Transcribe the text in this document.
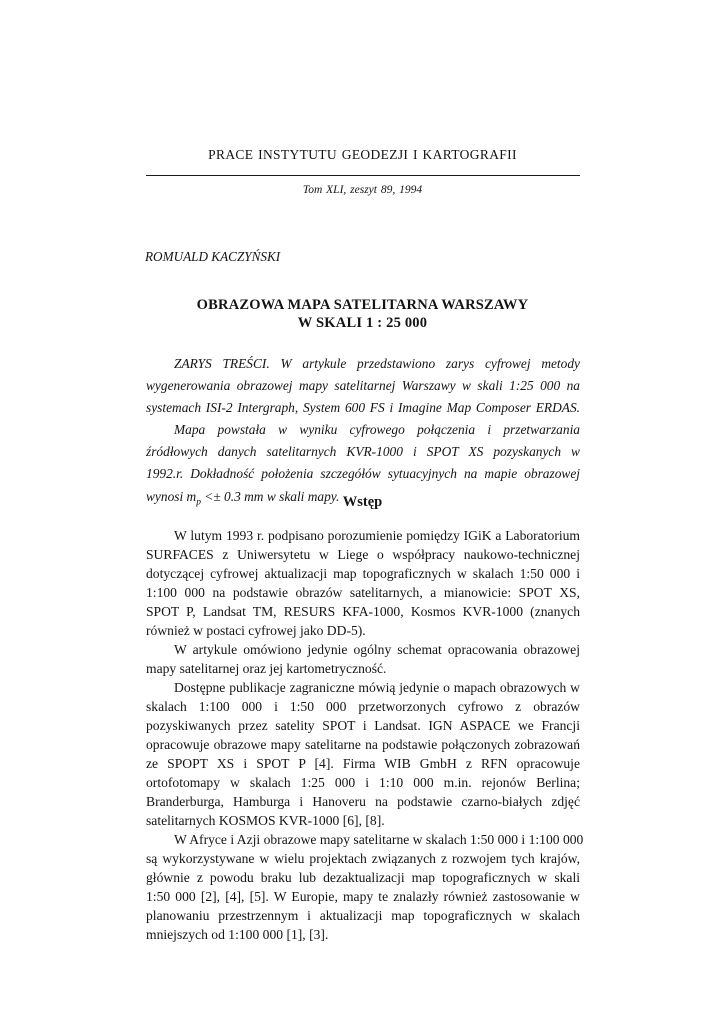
PRACE INSTYTUTU GEODEZJI I KARTOGRAFII
Tom XLI, zeszyt 89, 1994
ROMUALD KACZYŃSKI
OBRAZOWA MAPA SATELITARNA WARSZAWY
W SKALI 1 : 25 000
ZARYS TREŚCI. W artykule przedstawiono zarys cyfrowej metody
wygenerowania obrazowej mapy satelitarnej Warszawy w skali 1:25 000 na
systemach ISI-2 Intergraph, System 600 FS i Imagine Map Composer ERDAS.
Mapa powstała w wyniku cyfrowego połączenia i przetwarzania
źródłowych danych satelitarnych KVR-1000 i SPOT XS pozyskanych w
1992.r. Dokładność położenia szczegółów sytuacyjnych na mapie obrazowej
wynosi $m_p <\pm 0.3$ mm w skali mapy. Wstęp
W lutym 1993 r. podpisano porozumienie pomiędzy IGiK a Laboratorium
SURFACES z Uniwersytetu w Liege o współpracy naukowo-technicznej
dotyczącej cyfrowej aktualizacji map topograficznych w skalach 1:50 000 i
1:100 000 na podstawie obrazów satelitarnych, a mianowicie: SPOT XS,
SPOT P, Landsat TM, RESURS KFA-1000, Kosmos KVR-1000 (znanych
również w postaci cyfrowej jako DD-5).
W artykule omówiono jedynie ogólny schemat opracowania obrazowej
mapy satelitarnej oraz jej kartometryczność.
Dostępne publikacje zagraniczne mówią jedynie o mapach obrazowych w
skalach 1:100 000 i 1:50 000 przetworzonych cyfrowo z obrazów
pozyskiwanych przez satelity SPOT i Landsat. IGN ASPACE we Francji
opracowuje obrazowe mapy satelitarne na podstawie połączonych zobrazowań
ze SPOPT XS i SPOT P [4]. Firma WIB GmbH z RFN opracowuje
ortofotomapy w skalach 1:25 000 i 1:10 000 m.in. rejonów Berlina;
Branderburga, Hamburga i Hanoveru na podstawie czarno-białych zdjęć
satelitarnych KOSMOS KVR-1000 [6], [8].
W Afryce i Azji obrazowe mapy satelitarne w skalach 1:50 000 i 1:100 000
są wykorzystywane w wielu projektach związanych z rozwojem tych krajów,
głównie z powodu braku lub dezaktualizacji map topograficznych w skali
1:50 000 [2], [4], [5]. W Europie, mapy te znalazły również zastosowanie w
planowaniu przestrzennym i aktualizacji map topograficznych w skalach
mniejszych od 1:100 000 [1], [3].
